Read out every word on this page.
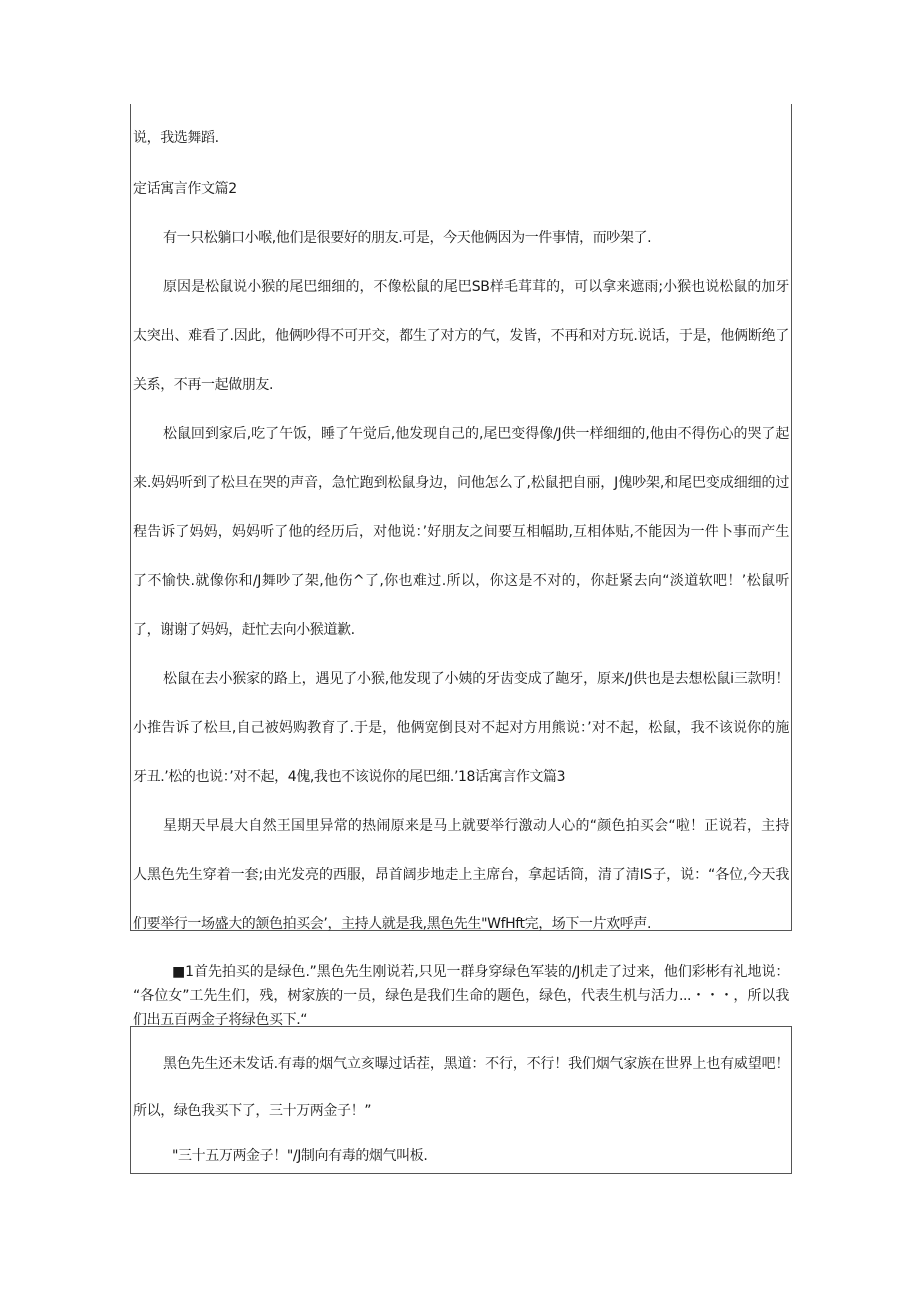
说，我选舞蹈.
定话寓言作文篇2
有一只松躺口小喉,他们是很要好的朋友.可是，今天他俩因为一件事情，而吵架了.
原因是松鼠说小猴的尾巴细细的，不像松鼠的尾巴SB样毛茸茸的，可以拿来遮雨;小猴也说松鼠的加牙
太突出、难看了.因此，他俩吵得不可开交，都生了对方的气，发皆，不再和对方玩.说话，于是，他俩断绝了
关系，不再一起做朋友.
松鼠回到家后,吃了午饭，睡了午觉后,他发现自己的,尾巴变得像/J供一样细细的,他由不得伤心的哭了起
来.妈妈听到了松旦在哭的声音，急忙跑到松鼠身边，问他怎么了,松鼠把自丽，J傀吵架,和尾巴变成细细的过
程告诉了妈妈，妈妈听了他的经历后，对他说：’好朋友之间要互相幅助,互相体贴,不能因为一件卜事而产生
了不愉快.就像你和/J舞吵了架,他伤^了,你也难过.所以，你这是不对的，你赶紧去向“淡道软吧！’松鼠听
了，谢谢了妈妈，赶忙去向小猴道歉.
松鼠在去小猴家的路上，遇见了小猴,他发现了小姨的牙齿变成了龅牙，原来/J供也是去想松鼠i三款明！
小推告诉了松旦,自己被妈购教育了.于是，他俩宽倒艮对不起对方用熊说：’对不起，松鼠，我不该说你的施
牙丑.’松的也说：’对不起，4傀,我也不该说你的尾巴细.’18话寓言作文篇3
星期天早晨大自然王国里异常的热闹原来是马上就要举行激动人心的“颜色拍买会“啦！正说若，主持
人黑色先生穿着一套;由光发亮的西服，昂首阔步地走上主席台，拿起话筒，清了清IS子，说：“各位,今天我
们要举行一场盛大的颔色拍买会’，主持人就是我,黑色先生"WfHft完，场下一片欢呼声.
■1首先拍买的是绿色.”黑色先生刚说若,只见一群身穿绿色军装的/J机走了过来，他们彩彬有礼地说：
“各位女”工先生们，残，树家族的一员，绿色是我们生命的题色，绿色，代表生机与活力...・・・，所以我
们出五百两金子将绿色买下.“
黑色先生还未发话.有毒的烟气立亥曝过话茬，黑道：不行，不行！我们烟气家族在世界上也有威望吧！
所以，绿色我买下了，三十万两金子！”
"三十五万两金子！"/J制向有毒的烟气叫板.
